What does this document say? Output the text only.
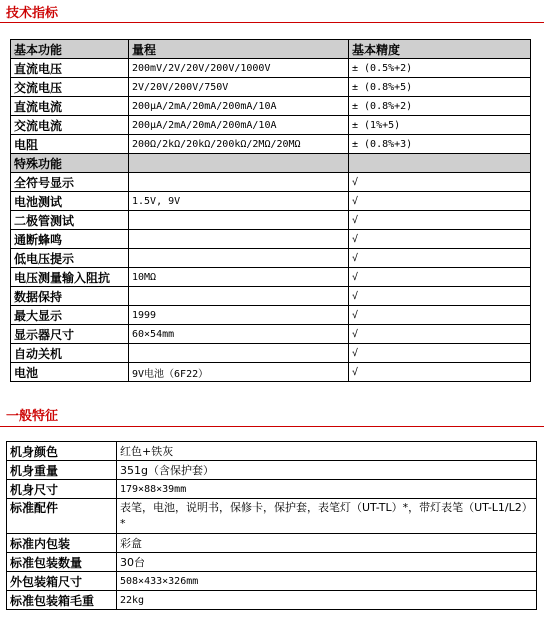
技术指标
基本功能	量程	基本精度
直流电压	200mV/2V/20V/200V/1000V	± (0.5%+2)
交流电压	2V/20V/200V/750V	± (0.8%+5)
直流电流	200μA/2mA/20mA/200mA/10A	± (0.8%+2)
交流电流	200μA/2mA/20mA/200mA/10A	± (1%+5)
电阻	200Ω/2kΩ/20kΩ/200kΩ/2MΩ/20MΩ	± (0.8%+3)
特殊功能		
全符号显示		√
电池测试	1.5V, 9V	√
二极管测试		√
通断蜂鸣		√
低电压提示		√
电压测量输入阻抗	10MΩ	√
数据保持		√
最大显示	1999	√
显示器尺寸	60×54mm	√
自动关机		√
电池	9V电池（6F22）	√
一般特征
机身颜色	红色+铁灰
机身重量	351g（含保护套）
机身尺寸	179×88×39mm
标准配件	表笔，电池，说明书，保修卡，保护套，表笔灯（UT-TL）*，带灯表笔（UT-L1/L2）*
标准内包装	彩盒
标准包装数量	30台
外包装箱尺寸	508×433×326mm
标准包装箱毛重	22kg
